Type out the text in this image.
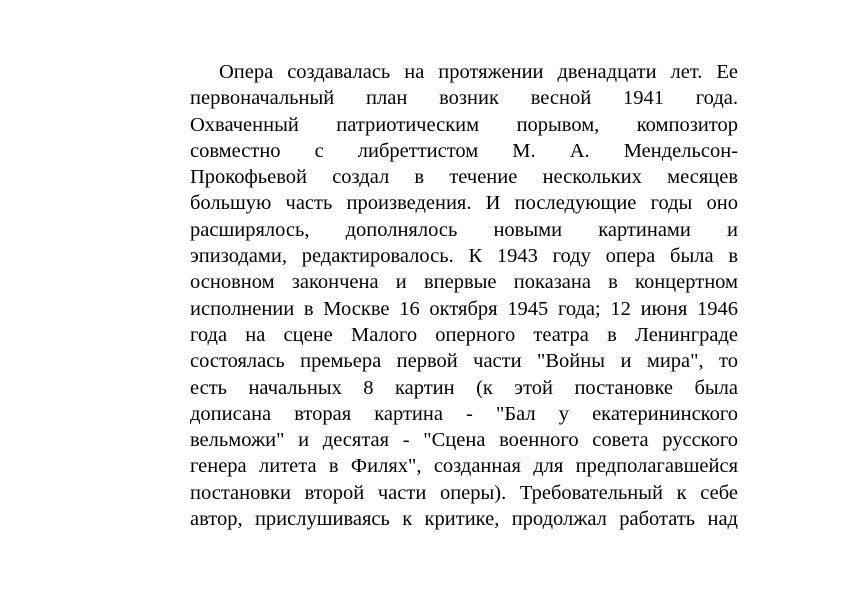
Опера создавалась на протяжении двенадцати лет. Ее
первоначальный план возник весной 1941 года.
Охваченный патриотическим порывом, композитор
совместно с либреттистом М. А. Мендельсон-
Прокофьевой создал в течение нескольких месяцев
большую часть произведения. И последующие годы оно
расширялось, дополнялось новыми картинами и
эпизодами, редактировалось. К 1943 году опера была в
основном закончена и впервые показана в концертном
исполнении в Москве 16 октября 1945 года; 12 июня 1946
года на сцене Малого оперного театра в Ленинграде
состоялась премьера первой части "Войны и мира", то
есть начальных 8 картин (к этой постановке была
дописана вторая картина - "Бал у екатерининского
вельможи" и десятая - "Сцена военного совета русского
генера литета в Филях", созданная для предполагавшейся
постановки второй части оперы). Требовательный к себе
автор, прислушиваясь к критике, продолжал работать над
